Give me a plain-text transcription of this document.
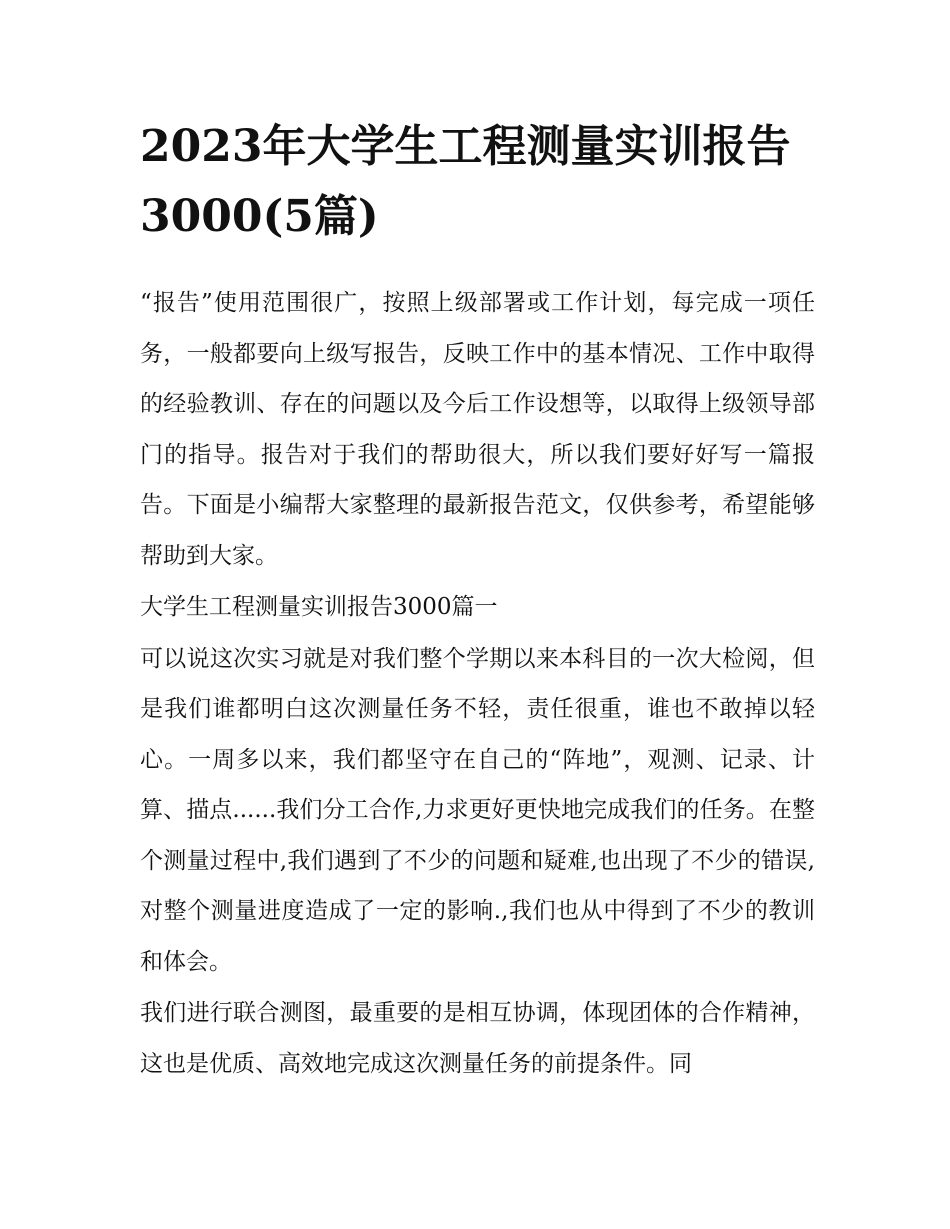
2023年大学生工程测量实训报告3000(5篇)

“报告”使用范围很广，按照上级部署或工作计划，每完成一项任务，一般都要向上级写报告，反映工作中的基本情况、工作中取得的经验教训、存在的问题以及今后工作设想等，以取得上级领导部门的指导。报告对于我们的帮助很大，所以我们要好好写一篇报告。下面是小编帮大家整理的最新报告范文，仅供参考，希望能够帮助到大家。

大学生工程测量实训报告3000篇一

可以说这次实习就是对我们整个学期以来本科目的一次大检阅，但是我们谁都明白这次测量任务不轻，责任很重，谁也不敢掉以轻心。一周多以来，我们都坚守在自己的“阵地”，观测、记录、计算、描点......我们分工合作,力求更好更快地完成我们的任务。在整个测量过程中,我们遇到了不少的问题和疑难,也出现了不少的错误,对整个测量进度造成了一定的影响.,我们也从中得到了不少的教训和体会。

我们进行联合测图，最重要的是相互协调，体现团体的合作精神，这也是优质、高效地完成这次测量任务的前提条件。同
